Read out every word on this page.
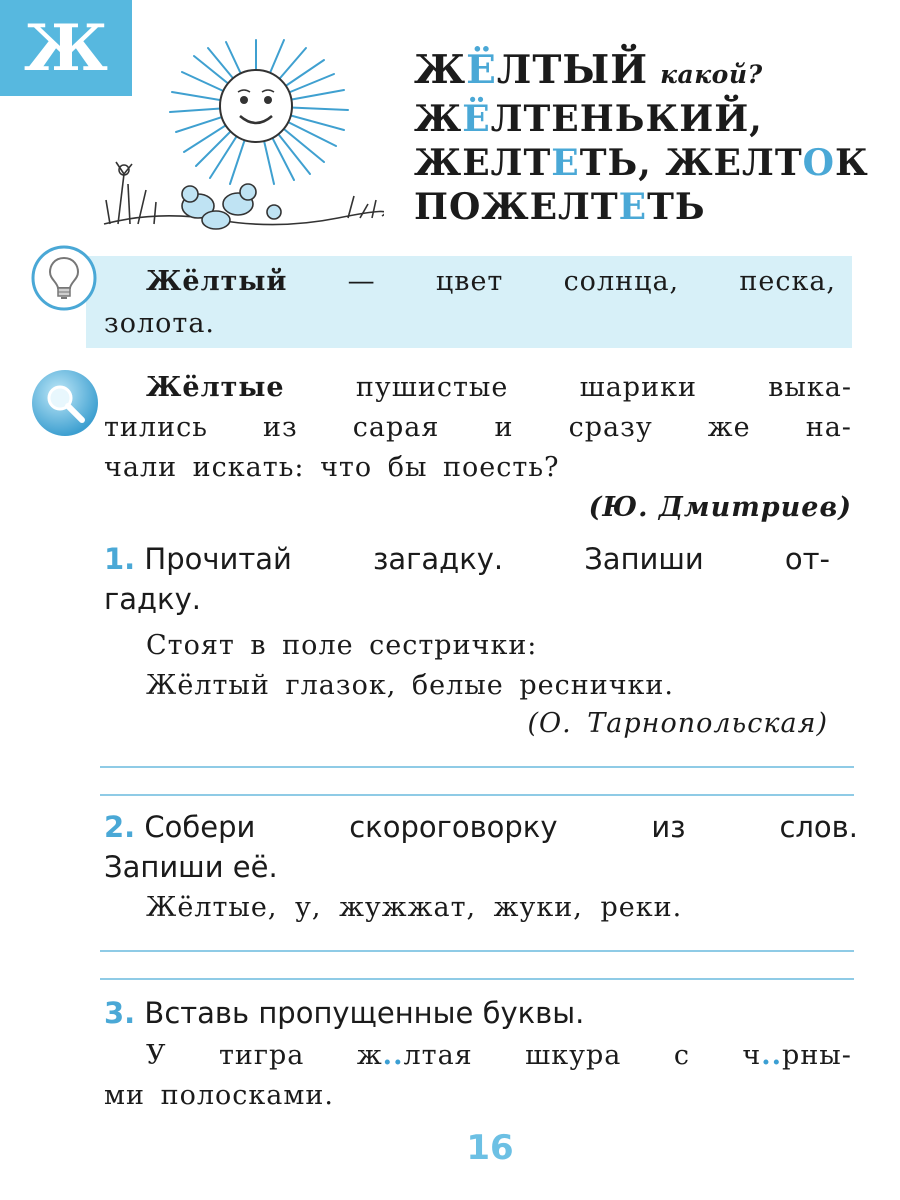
Ж	ЖЁЛТЫЙ какой?
ЖЁЛТЕНЬКИЙ,
ЖЕЛТЕТЬ, ЖЕЛТОК
ПОЖЕЛТЕТЬ
Жёлтый — цвет солнца, песка,
золота.
Жёлтые	пушистые	шарики	выка-
тились из сарая и сразу же на-
чали искать: что бы поесть?
(Ю. Дмитриев)
1. Прочитай	загадку.	Запиши	от-
гадку.
Стоят в поле сестрички:
Жёлтый глазок, белые реснички.
(О. Тарнопольская)
2. Собери	скороговорку	из	слов.
Запиши её.
Жёлтые, у, жужжат, жуки, реки.
3. Вставь пропущенные буквы.
У тигра ж..лтая шкура с ч..рны-
ми полосками.
16
